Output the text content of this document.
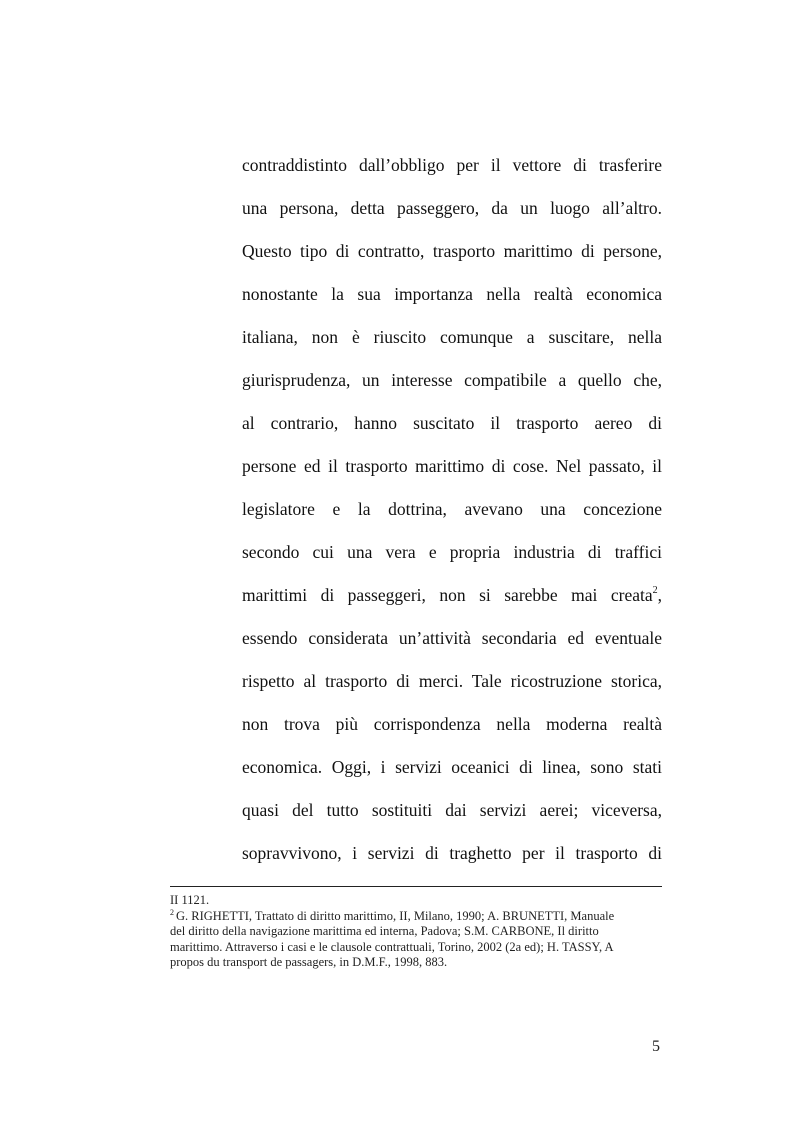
contraddistinto dall’obbligo per il vettore di trasferire
una persona, detta passeggero, da un luogo all’altro.
Questo tipo di contratto, trasporto marittimo di persone,
nonostante la sua importanza nella realtà economica
italiana, non è riuscito comunque a suscitare, nella
giurisprudenza, un interesse compatibile a quello che,
al contrario, hanno suscitato il trasporto aereo di
persone ed il trasporto marittimo di cose. Nel passato, il
legislatore e la dottrina, avevano una concezione
secondo cui una vera e propria industria di traffici
marittimi di passeggeri, non si sarebbe mai creata$^2$,
essendo considerata un’attività secondaria ed eventuale
rispetto al trasporto di merci. Tale ricostruzione storica,
non trova più corrispondenza nella moderna realtà
economica. Oggi, i servizi oceanici di linea, sono stati
quasi del tutto sostituiti dai servizi aerei; viceversa,
sopravvivono, i servizi di traghetto per il trasporto di
II 1121.
$^2$ G. RIGHETTI, Trattato di diritto marittimo, II, Milano, 1990; A. BRUNETTI, Manuale
del diritto della navigazione marittima ed interna, Padova; S.M. CARBONE, Il diritto
marittimo. Attraverso i casi e le clausole contrattuali, Torino, 2002 (2a ed); H. TASSY, A
propos du transport de passagers, in D.M.F., 1998, 883.
5
